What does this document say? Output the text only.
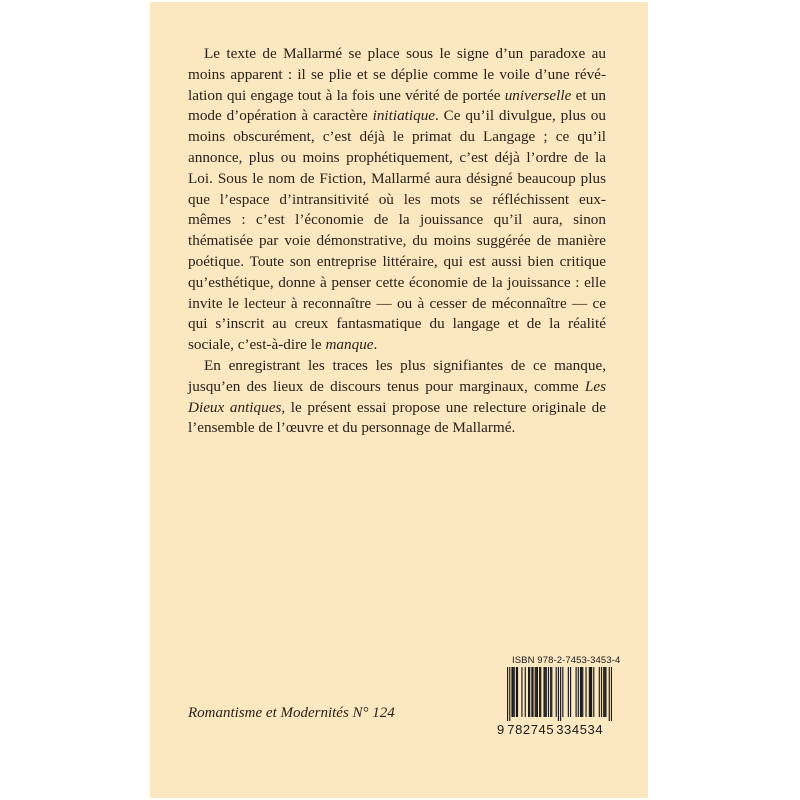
Le texte de Mallarmé se place sous le signe d’un paradoxe au moins apparent : il se plie et se déplie comme le voile d’une révélation qui engage tout à la fois une vérité de portée universelle et un mode d’opération à caractère initiatique. Ce qu’il divulgue, plus ou moins obscurément, c’est déjà le primat du Langage ; ce qu’il annonce, plus ou moins prophétiquement, c’est déjà l’ordre de la Loi. Sous le nom de Fiction, Mallarmé aura désigné beaucoup plus que l’espace d’intransitivité où les mots se réfléchissent eux-mêmes : c’est l’économie de la jouissance qu’il aura, sinon thématisée par voie démonstrative, du moins suggérée de manière poétique. Toute son entreprise littéraire, qui est aussi bien critique qu’esthétique, donne à penser cette économie de la jouissance : elle invite le lecteur à reconnaître — ou à cesser de méconnaître — ce qui s’inscrit au creux fantasmatique du langage et de la réalité sociale, c’est-à-dire le manque.

En enregistrant les traces les plus signifiantes de ce manque, jusqu’en des lieux de discours tenus pour marginaux, comme Les Dieux antiques, le présent essai propose une relecture originale de l’ensemble de l’œuvre et du personnage de Mallarmé.

Romantisme et Modernités N° 124
ISBN 978-2-7453-3453-4
9 782745 334534
